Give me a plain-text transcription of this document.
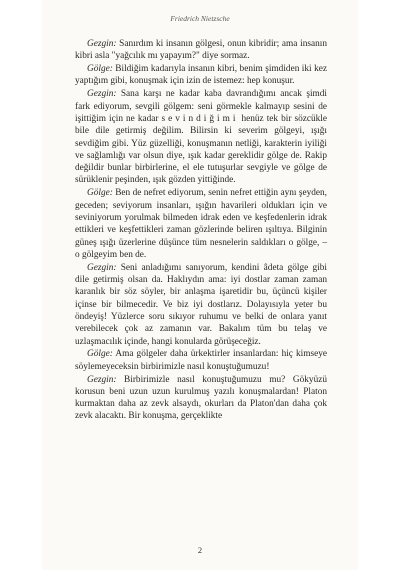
Friedrich Nietzsche

Gezgin: Sanırdım ki insanın gölgesi, onun kibridir; ama insanın kibri asla "yağcılık mı yapayım?" diye sormaz.

Gölge: Bildiğim kadarıyla insanın kibri, benim şimdiden iki kez yaptığım gibi, konuşmak için izin de istemez: hep konuşur.

Gezgin: Sana karşı ne kadar kaba davrandığımı ancak şimdi fark ediyorum, sevgili gölgem: seni görmekle kalmayıp sesini de işittiğim için ne kadar sevindiğimi henüz tek bir sözcükle bile dile getirmiş değilim. Bilirsin ki severim gölgeyi, ışığı sevdiğim gibi. Yüz güzelliği, konuşmanın netliği, karakterin iyiliği ve sağlamlığı var olsun diye, ışık kadar gereklidir gölge de. Rakip değildir bunlar birbirlerine, el ele tutuşurlar sevgiyle ve gölge de sürüklenir peşinden, ışık gözden yittiğinde.

Gölge: Ben de nefret ediyorum, senin nefret ettiğin aynı şeyden, geceden; seviyorum insanları, ışığın havarileri oldukları için ve seviniyorum yorulmak bilmeden idrak eden ve keşfedenlerin idrak ettikleri ve keşfettikleri zaman gözlerinde beliren ışıltıya. Bilginin güneş ışığı üzerlerine düşünce tüm nesnelerin saldıkları o gölge, – o gölgeyim ben de.

Gezgin: Seni anladığımı sanıyorum, kendini âdeta gölge gibi dile getirmiş olsan da. Haklıydın ama: iyi dostlar zaman zaman karanlık bir söz söyler, bir anlaşma işaretidir bu, üçüncü kişiler içinse bir bilmecedir. Ve biz iyi dostlarız. Dolayısıyla yeter bu öndeyiş! Yüzlerce soru sıkıyor ruhumu ve belki de onlara yanıt verebilecek çok az zamanın var. Bakalım tüm bu telaş ve uzlaşmacılık içinde, hangi konularda görüşeceğiz.

Gölge: Ama gölgeler daha ürkektirler insanlardan: hiç kimseye söylemeyeceksin birbirimizle nasıl konuştuğumuzu!

Gezgin: Birbirimizle nasıl konuştuğumuzu mu? Gökyüzü korusun beni uzun uzun kurulmuş yazılı konuşmalardan! Platon kurmaktan daha az zevk alsaydı, okurları da Platon'dan daha çok zevk alacaktı. Bir konuşma, gerçeklikte

2
